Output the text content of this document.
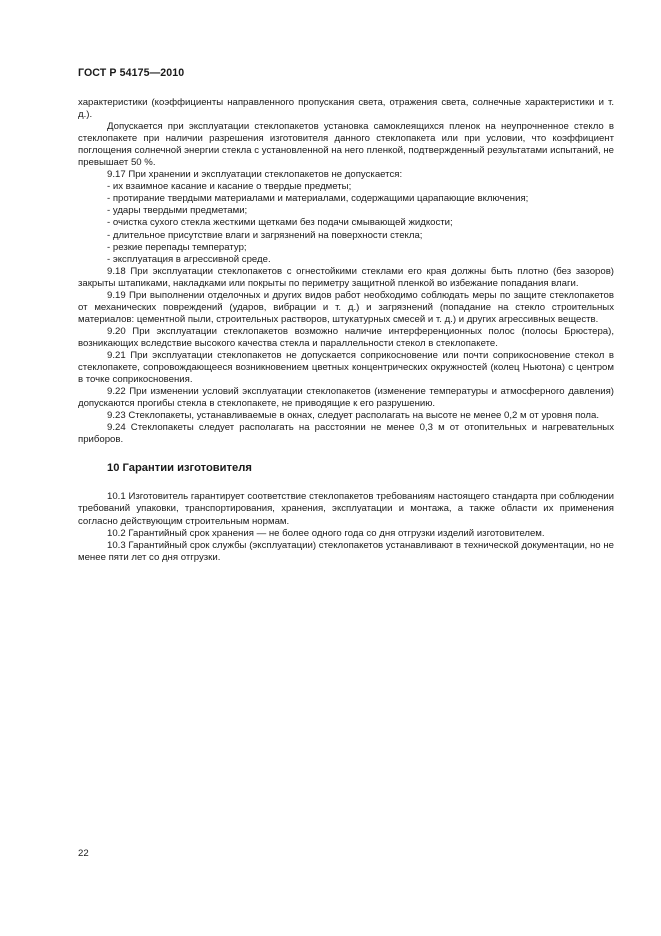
ГОСТ Р 54175—2010
характеристики (коэффициенты направленного пропускания света, отражения света, солнечные характеристики и т. д.).
Допускается при эксплуатации стеклопакетов установка самоклеящихся пленок на неупрочненное стекло в стеклопакете при наличии разрешения изготовителя данного стеклопакета или при условии, что коэффициент поглощения солнечной энергии стекла с установленной на него пленкой, подтвержденный результатами испытаний, не превышает 50 %.
9.17 При хранении и эксплуатации стеклопакетов не допускается:
- их взаимное касание и касание о твердые предметы;
- протирание твердыми материалами и материалами, содержащими царапающие включения;
- удары твердыми предметами;
- очистка сухого стекла жесткими щетками без подачи смывающей жидкости;
- длительное присутствие влаги и загрязнений на поверхности стекла;
- резкие перепады температур;
- эксплуатация в агрессивной среде.
9.18 При эксплуатации стеклопакетов с огнестойкими стеклами его края должны быть плотно (без зазоров) закрыты штапиками, накладками или покрыты по периметру защитной пленкой во избежание попадания влаги.
9.19 При выполнении отделочных и других видов работ необходимо соблюдать меры по защите стеклопакетов от механических повреждений (ударов, вибрации и т. д.) и загрязнений (попадание на стекло строительных материалов: цементной пыли, строительных растворов, штукатурных смесей и т. д.) и других агрессивных веществ.
9.20 При эксплуатации стеклопакетов возможно наличие интерференционных полос (полосы Брюстера), возникающих вследствие высокого качества стекла и параллельности стекол в стеклопакете.
9.21 При эксплуатации стеклопакетов не допускается соприкосновение или почти соприкосновение стекол в стеклопакете, сопровождающееся возникновением цветных концентрических окружностей (колец Ньютона) с центром в точке соприкосновения.
9.22 При изменении условий эксплуатации стеклопакетов (изменение температуры и атмосферного давления) допускаются прогибы стекла в стеклопакете, не приводящие к его разрушению.
9.23 Стеклопакеты, устанавливаемые в окнах, следует располагать на высоте не менее 0,2 м от уровня пола.
9.24 Стеклопакеты следует располагать на расстоянии не менее 0,3 м от отопительных и нагревательных приборов.
10 Гарантии изготовителя
10.1 Изготовитель гарантирует соответствие стеклопакетов требованиям настоящего стандарта при соблюдении требований упаковки, транспортирования, хранения, эксплуатации и монтажа, а также области их применения согласно действующим строительным нормам.
10.2 Гарантийный срок хранения — не более одного года со дня отгрузки изделий изготовителем.
10.3 Гарантийный срок службы (эксплуатации) стеклопакетов устанавливают в технической документации, но не менее пяти лет со дня отгрузки.
22
